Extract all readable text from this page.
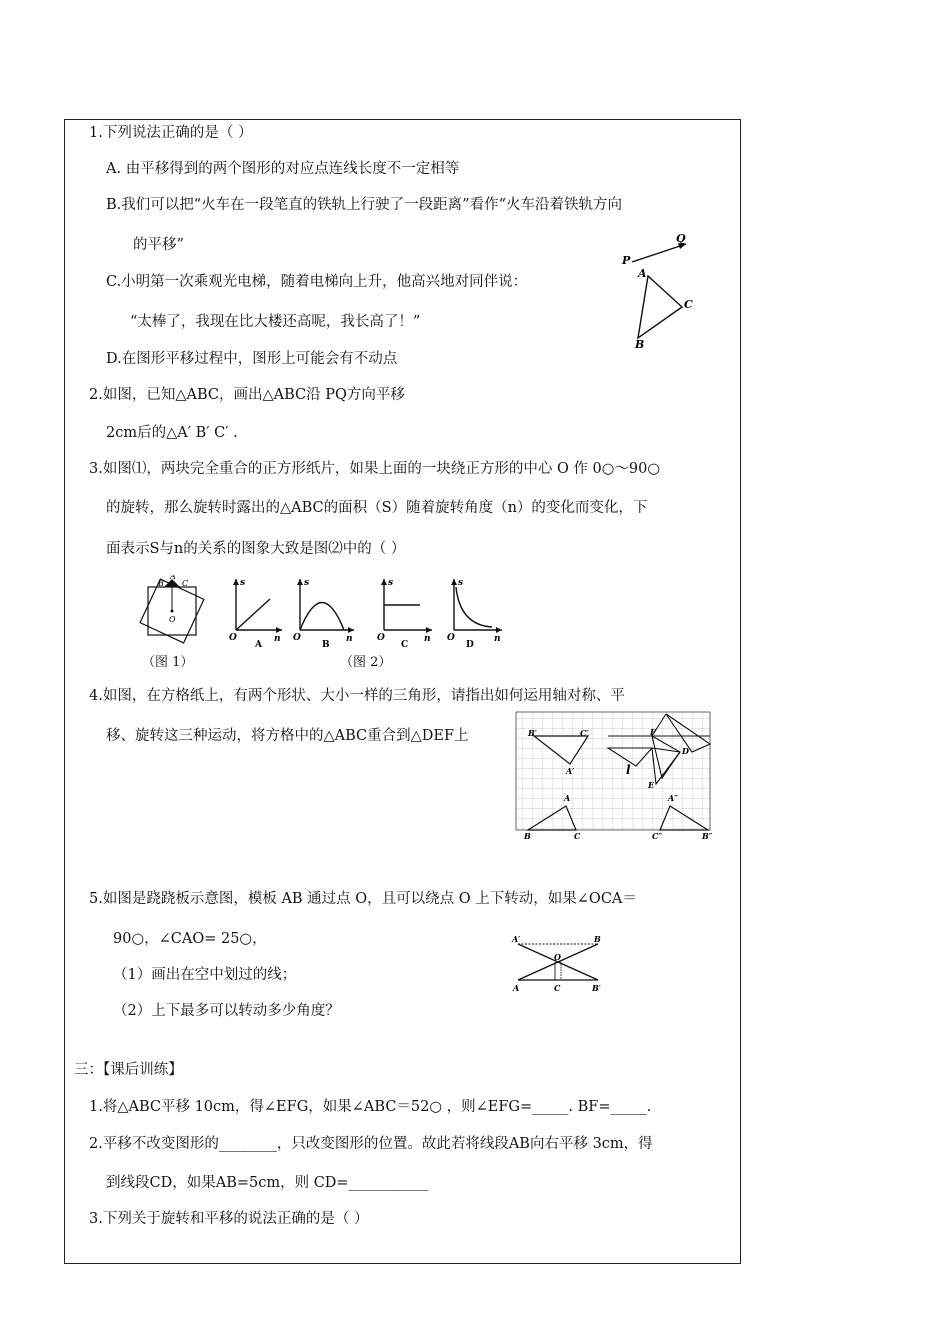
1.下列说法正确的是（ ）
A. 由平移得到的两个图形的对应点连线长度不一定相等
B.我们可以把“火车在一段笔直的铁轨上行驶了一段距离”看作“火车沿着铁轨方向
的平移”
C.小明第一次乘观光电梯，随着电梯向上升，他高兴地对同伴说：
“太棒了，我现在比大楼还高呢，我长高了！”
D.在图形平移过程中，图形上可能会有不动点
P
Q
A
C
B
2.如图，已知△ABC，画出△ABC沿 PQ方向平移
2cm后的△A′ B′ C′ .
3.如图⑴，两块完全重合的正方形纸片，如果上面的一块绕正方形的中心 O 作 0○～90○
的旋转，那么旋转时露出的△ABC的面积（S）随着旋转角度（n）的变化而变化，下
面表示S与n的关系的图象大致是图⑵中的（ ）
A
B C
O
s
n
O
A
s
n
O
B
s
n
O
C
s
n
O
D
（图 1）	（图 2）
4.如图，在方格纸上，有两个形状、大小一样的三角形，请指出如何运用轴对称、平
移、旋转这三种运动，将方格中的△ABC重合到△DEF上	B′	C′
A′
F
D
E
l
A
B	C
A″
C″	B″
5.如图是跷跷板示意图，模板 AB 通过点 O，且可以绕点 O 上下转动，如果∠OCA＝
90○，∠CAO= 25○，
（1）画出在空中划过的线；
（2）上下最多可以转动多少角度？
A′	B
O
A	C	B′
三：【课后训练】
1.将△ABC平移 10cm，得∠EFG，如果∠ABC＝52○ ，则∠EFG=_____. BF=_____.
2.平移不改变图形的________，只改变图形的位置。故此若将线段AB向右平移 3cm，得
到线段CD，如果AB=5cm，则 CD=___________
3.下列关于旋转和平移的说法正确的是（ ）
